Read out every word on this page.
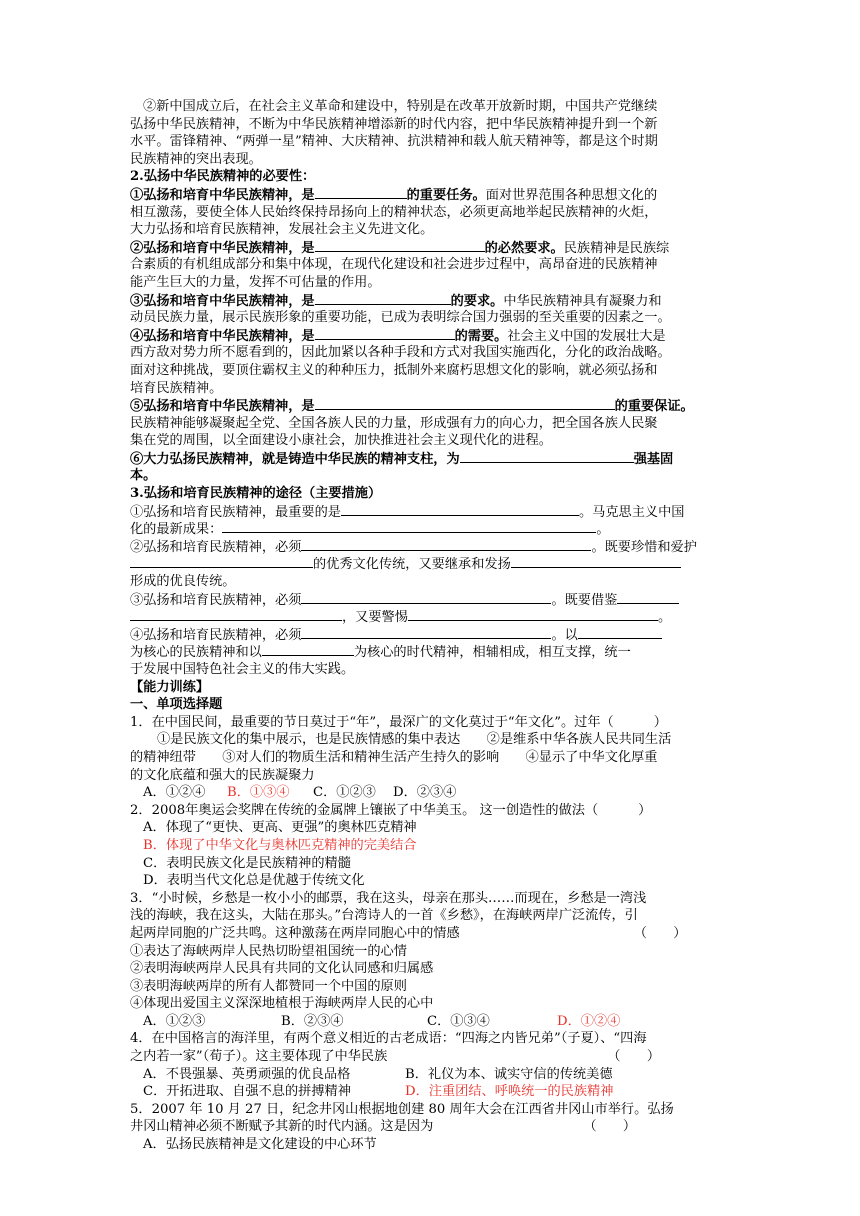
②新中国成立后，在社会主义革命和建设中，特别是在改革开放新时期，中国共产党继续
弘扬中华民族精神，不断为中华民族精神增添新的时代内容，把中华民族精神提升到一个新
水平。雷锋精神、“两弹一星”精神、大庆精神、抗洪精神和载人航天精神等，都是这个时期
民族精神的突出表现。
2.弘扬中华民族精神的必要性：
①弘扬和培育中华民族精神，是	的重要任务。面对世界范围各种思想文化的
相互激荡，要使全体人民始终保持昂扬向上的精神状态，必须更高地举起民族精神的火炬，
大力弘扬和培育民族精神，发展社会主义先进文化。
②弘扬和培育中华民族精神，是	的必然要求。民族精神是民族综
合素质的有机组成部分和集中体现，在现代化建设和社会进步过程中，高昂奋进的民族精神
能产生巨大的力量，发挥不可估量的作用。
③弘扬和培育中华民族精神，是	的要求。中华民族精神具有凝聚力和
动员民族力量，展示民族形象的重要功能，已成为表明综合国力强弱的至关重要的因素之一。
④弘扬和培育中华民族精神，是	的需要。社会主义中国的发展壮大是
西方敌对势力所不愿看到的，因此加紧以各种手段和方式对我国实施西化，分化的政治战略。
面对这种挑战，要顶住霸权主义的种种压力，抵制外来腐朽思想文化的影响，就必须弘扬和
培育民族精神。
⑤弘扬和培育中华民族精神，是	的重要保证。
民族精神能够凝聚起全党、全国各族人民的力量，形成强有力的向心力，把全国各族人民聚
集在党的周围，以全面建设小康社会，加快推进社会主义现代化的进程。
⑥大力弘扬民族精神，就是铸造中华民族的精神支柱，为	强基固
本。
3.弘扬和培育民族精神的途径（主要措施）
①弘扬和培育民族精神，最重要的是	。马克思主义中国
化的最新成果：	。
②弘扬和培育民族精神，必须	。既要珍惜和爱护
的优秀文化传统，又要继承和发扬
形成的优良传统。
③弘扬和培育民族精神，必须	。既要借鉴
，又要警惕	。
④弘扬和培育民族精神，必须	。以
为核心的民族精神和以	为核心的时代精神，相辅相成，相互支撑，统一
于发展中国特色社会主义的伟大实践。
【能力训练】
一、单项选择题
1．在中国民间，最重要的节日莫过于“年”，最深广的文化莫过于“年文化”。过年（	）
①是民族文化的集中展示，也是民族情感的集中表达　　②是维系中华各族人民共同生活
的精神纽带　　③对人们的物质生活和精神生活产生持久的影响　　④显示了中华文化厚重
的文化底蕴和强大的民族凝聚力
A．①②④ B．①③④ C．①②③ D．②③④
2．2008年奥运会奖牌在传统的金属牌上镶嵌了中华美玉。 这一创造性的做法（	）
A．体现了“更快、更高、更强”的奥林匹克精神
B．体现了中华文化与奥林匹克精神的完美结合
C．表明民族文化是民族精神的精髓
D．表明当代文化总是优越于传统文化
3．“小时候，乡愁是一枚小小的邮票，我在这头，母亲在那头……而现在，乡愁是一湾浅
浅的海峡，我在这头，大陆在那头。”台湾诗人的一首《乡愁》，在海峡两岸广泛流传，引
起两岸同胞的广泛共鸣。这种激荡在两岸同胞心中的情感	（　　）
①表达了海峡两岸人民热切盼望祖国统一的心情
②表明海峡两岸人民具有共同的文化认同感和归属感
③表明海峡两岸的所有人都赞同一个中国的原则
④体现出爱国主义深深地植根于海峡两岸人民的心中
A．①②③	B．②③④	C．①③④	D．①②④
4．在中国格言的海洋里，有两个意义相近的古老成语：“四海之内皆兄弟”（子夏）、“四海
之内若一家”（荀子）。这主要体现了中华民族	（　　）
A．不畏强暴、英勇顽强的优良品格	B．礼仪为本、诚实守信的传统美德
C．开拓进取、自强不息的拼搏精神	D．注重团结、呼唤统一的民族精神
5．2007 年 10 月 27 日，纪念井冈山根据地创建 80 周年大会在江西省井冈山市举行。弘扬
井冈山精神必须不断赋予其新的时代内涵。这是因为	（　　）
A．弘扬民族精神是文化建设的中心环节
